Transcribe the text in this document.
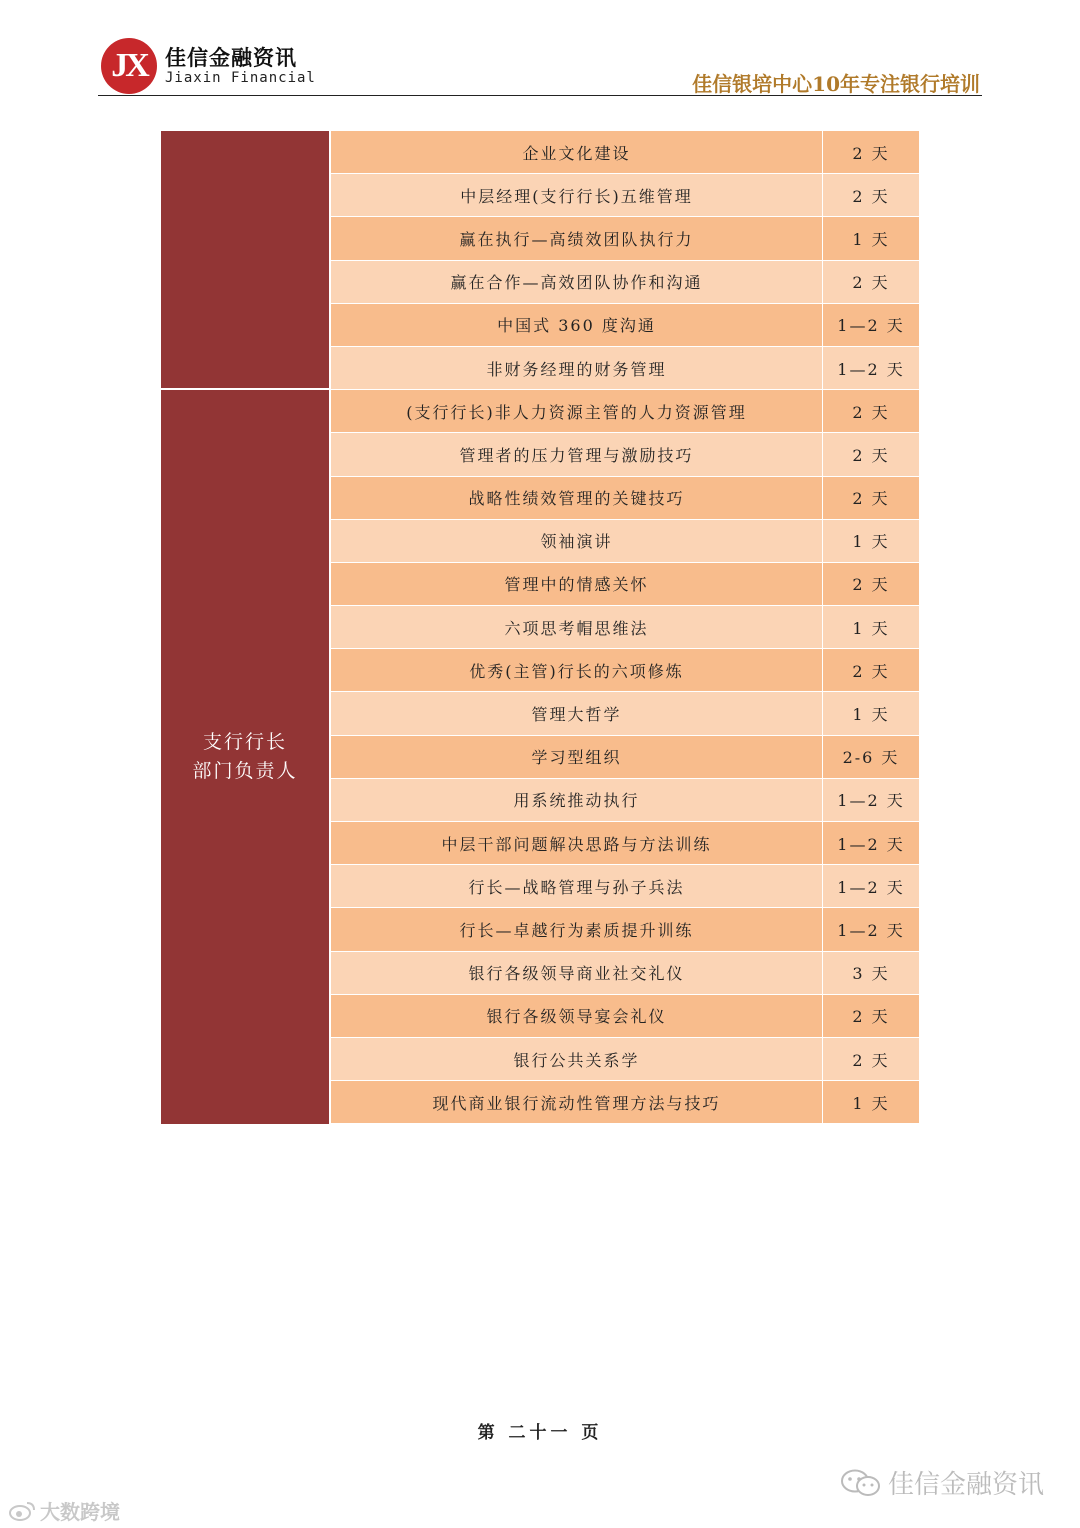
JX 佳信金融资讯
Jiaxin Financial	佳信银培中心10年专注银行培训
企业文化建设	2 天
中层经理(支行行长)五维管理	2 天
赢在执行—高绩效团队执行力	1 天
赢在合作—高效团队协作和沟通	2 天
中国式 360 度沟通	1—2 天
非财务经理的财务管理	1—2 天
支行行长
部门负责人
(支行行长)非人力资源主管的人力资源管理	2 天
管理者的压力管理与激励技巧	2 天
战略性绩效管理的关键技巧	2 天
领袖演讲	1 天
管理中的情感关怀	2 天
六项思考帽思维法	1 天
优秀(主管)行长的六项修炼	2 天
管理大哲学	1 天
学习型组织	2-6 天
用系统推动执行	1—2 天
中层干部问题解决思路与方法训练	1—2 天
行长—战略管理与孙子兵法	1—2 天
行长—卓越行为素质提升训练	1—2 天
银行各级领导商业社交礼仪	3 天
银行各级领导宴会礼仪	2 天
银行公共关系学	2 天
现代商业银行流动性管理方法与技巧	1 天
第 二十一 页
佳信金融资讯
大数跨境
